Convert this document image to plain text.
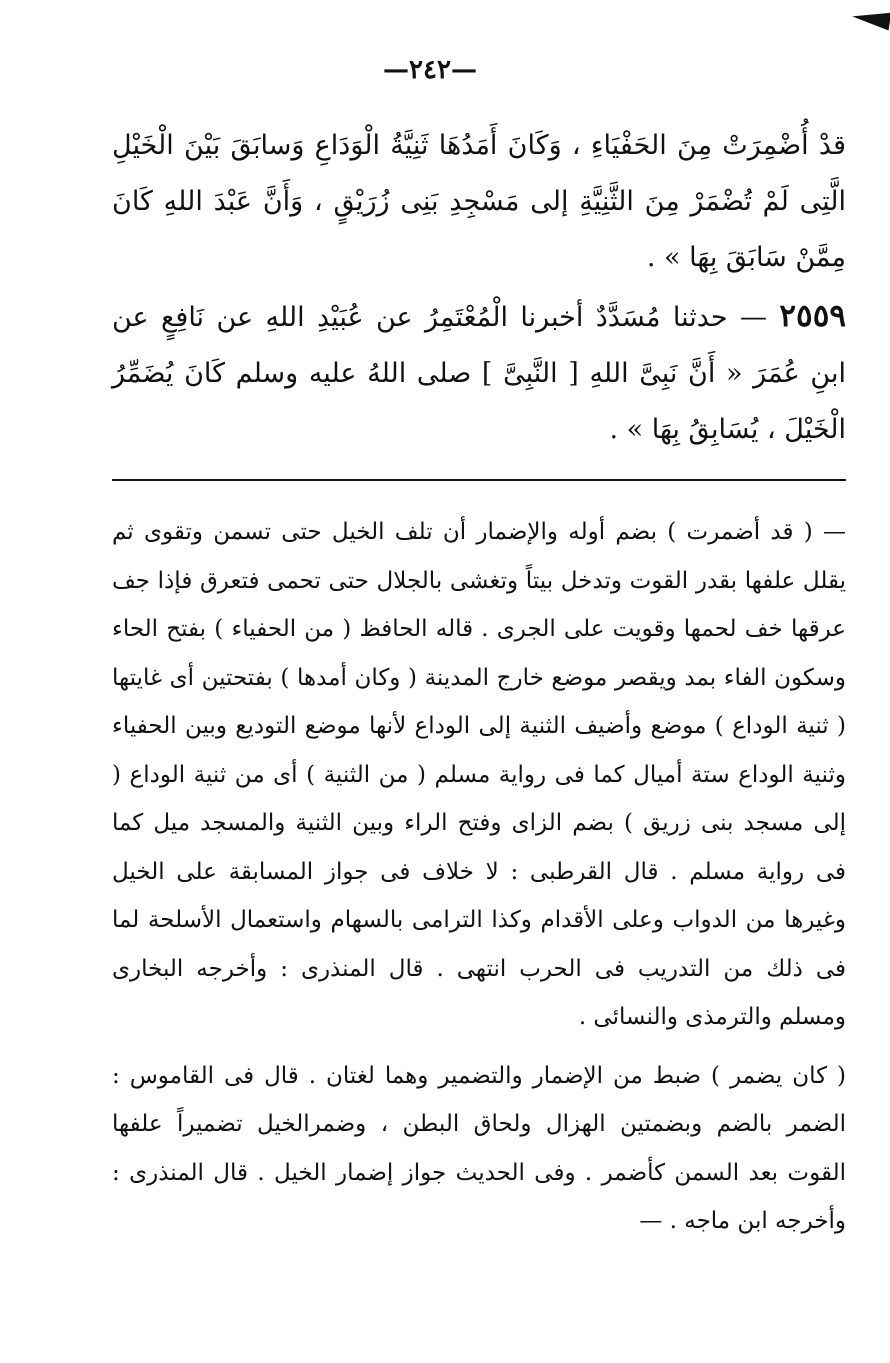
—٢٤٢—

قدْ أُضْمِرَتْ مِنَ الحَفْيَاءِ ، وَكَانَ أَمَدُهَا ثَنِيَّةُ الْوَدَاعِ وَسابَقَ بَيْنَ الْخَيْلِ الَّتِى لَمْ تُضْمَرْ مِنَ الثَّنِيَّةِ إلى مَسْجِدِ بَنِى زُرَيْقٍ ، وَأَنَّ عَبْدَ اللهِ كَانَ مِمَّنْ سَابَقَ بِهَا » .

٢٥٥٩ — حدثنا مُسَدَّدٌ أخبرنا الْمُعْتَمِرُ عن عُبَيْدِ اللهِ عن نَافِعٍ عن ابنِ عُمَرَ « أَنَّ نَبِىَّ اللهِ [ النَّبِىَّ ] صلى اللهُ عليه وسلم كَانَ يُضَمِّرُ الْخَيْلَ ، يُسَابِقُ بِهَا » .

— ( قد أضمرت ) بضم أوله والإضمار أن تلف الخيل حتى تسمن وتقوى ثم يقلل علفها بقدر القوت وتدخل بيتاً وتغشى بالجلال حتى تحمى فتعرق فإذا جف عرقها خف لحمها وقويت على الجرى . قاله الحافظ ( من الحفياء ) بفتح الحاء وسكون الفاء بمد ويقصر موضع خارج المدينة ( وكان أمدها ) بفتحتين أى غايتها ( ثنية الوداع ) موضع وأضيف الثنية إلى الوداع لأنها موضع التوديع وبين الحفياء وثنية الوداع ستة أميال كما فى رواية مسلم ( من الثنية ) أى من ثنية الوداع ( إلى مسجد بنى زريق ) بضم الزاى وفتح الراء وبين الثنية والمسجد ميل كما فى رواية مسلم . قال القرطبى : لا خلاف فى جواز المسابقة على الخيل وغيرها من الدواب وعلى الأقدام وكذا الترامى بالسهام واستعمال الأسلحة لما فى ذلك من التدريب فى الحرب انتهى . قال المنذرى : وأخرجه البخارى ومسلم والترمذى والنسائى .

( كان يضمر ) ضبط من الإضمار والتضمير وهما لغتان . قال فى القاموس : الضمر بالضم وبضمتين الهزال ولحاق البطن ، وضمرالخيل تضميراً علفها القوت بعد السمن كأضمر . وفى الحديث جواز إضمار الخيل . قال المنذرى : وأخرجه ابن ماجه . —
